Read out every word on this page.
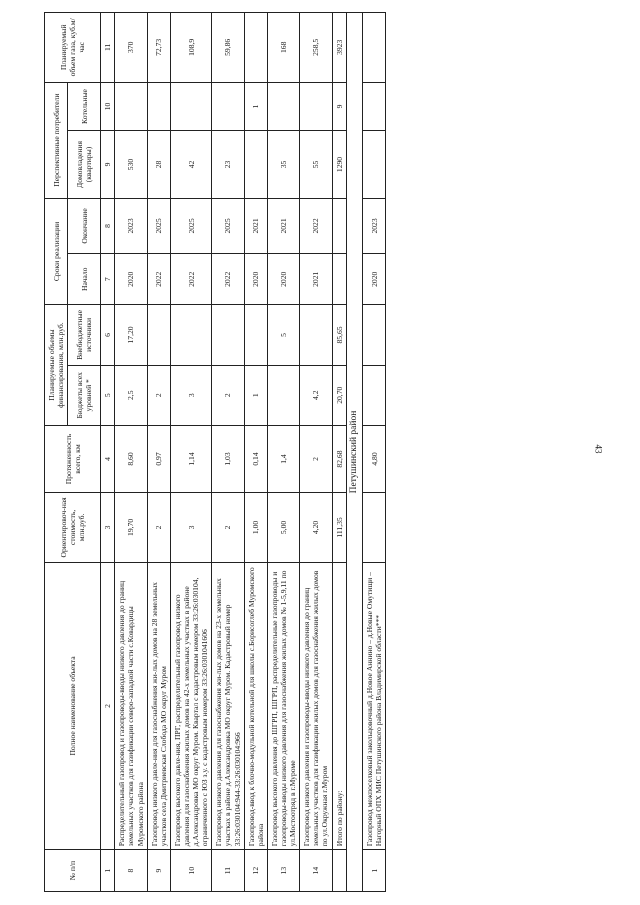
43
№ п/п	Полное наименование объекта	Ориентировоч-ная стоимость, млн.руб.	Протяженность всего, км	Планируемые объемы финансирования, млн.руб.		Сроки реализации		Перспективные потребители		Планируемый объем газа, куб.м/час
				Бюджеты всех уровней *	Внебюджетные источники	Начало	Окончание	Домовладения (квартиры)	Котельные	
1	2	3	4	5	6	7	8	9	10	11
8	Распределительный газопровод и газопроводы-вводы низкого давления до границ земельных участков для газификации северо-западной части с.Ковардицы Муромского района	19,70	8,60	2,5	17,20	2020	2023	530		370
9	Газопровод низкого давле-ния для газоснабжения жи-лых домов на 28 земельных участков села Дмитриевская Слобода МО округ Муром	2	0,97	2		2022	2025	28		72,73
10	Газопровод высокого давле-ния, ПРГ, распределительный газопровод низкого давления для газоснабжения жилых домов на 42-х земельных участках в районе д.Александровка МО округ Муром. Квартал с кадастровым номером 33:26:030104, ограниченного с ЮЗ з.у. с кадастровым номером 33:26:0301041606	3	1,14	3		2022	2025	42		108,9
11	Газопровод низкого давления для газоснабжения жи-лых домов на 23-х земельных участках в районе д.Александровка МО округ Муром. Кадастровый номер 33:26:030104:944-33:26:030104:966	2	1,03	2		2022	2025	23		59,86
12	Газопровод-ввод к блочно-модульной котельной для школы с.Борисоглеб Муромского района	1,00	0,14	1		2020	2021		1	
13	Газопровод высокого давления до ШГРП, ШГРП, распределительные газопроводы и газопроводы-вводы низкого давления для газоснабжения жилых домов № 1-5,9,11 по ул.Мостоотряд в г.Муроме	5,00	1,4		5	2020	2021	35		168
14	Газопровод низкого давления и газопроводы-вводы низкого давления до границ земельных участков для газификации жилых домов для газоснабжения жилых домов по ул.Окружная г.Муром	4,20	2	4,2		2021	2022	55		258,5
	Итого по району:	111,35	82,68	20,70	85,65			1290	9	3923
Петушинский район										
1	Газопровод межпоселковый закольцовочный д.Новое Аннино – д.Новые Омутищи – Нагорный ОПХ МИС Петушинского района Владимирской области***		4,80			2020	2023			
